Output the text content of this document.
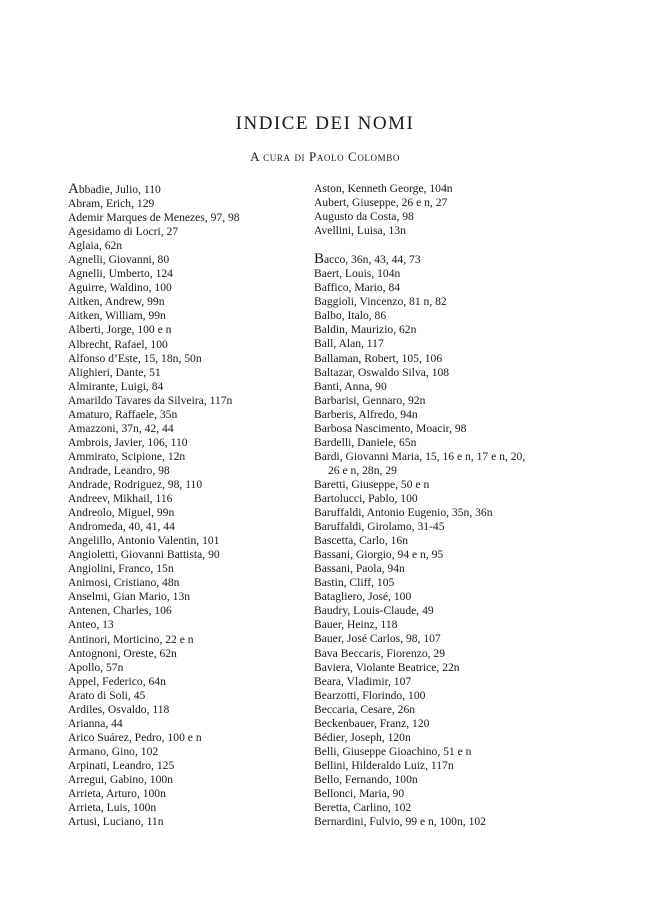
INDICE DEI NOMI
A cura di Paolo Colombo
Abbadie, Julio, 110
Abram, Erich, 129
Ademir Marques de Menezes, 97, 98
Agesidamo di Locri, 27
Aglaia, 62n
Agnelli, Giovanni, 80
Agnelli, Umberto, 124
Aguirre, Waldino, 100
Aitken, Andrew, 99n
Aitken, William, 99n
Alberti, Jorge, 100 e n
Albrecht, Rafael, 100
Alfonso d’Este, 15, 18n, 50n
Alighieri, Dante, 51
Almirante, Luigi, 84
Amarildo Tavares da Silveira, 117n
Amaturo, Raffaele, 35n
Amazzoni, 37n, 42, 44
Ambrois, Javier, 106, 110
Ammirato, Scipione, 12n
Andrade, Leandro, 98
Andrade, Rodriguez, 98, 110
Andreev, Mikhail, 116
Andreolo, Miguel, 99n
Andromeda, 40, 41, 44
Angelillo, Antonio Valentin, 101
Angioletti, Giovanni Battista, 90
Angiolini, Franco, 15n
Animosi, Cristiano, 48n
Anselmi, Gian Mario, 13n
Antenen, Charles, 106
Anteo, 13
Antinori, Morticino, 22 e n
Antognoni, Oreste, 62n
Apollo, 57n
Appel, Federico, 64n
Arato di Soli, 45
Ardiles, Osvaldo, 118
Arianna, 44
Arico Suárez, Pedro, 100 e n
Armano, Gino, 102
Arpinati, Leandro, 125
Arregui, Gabino, 100n
Arrieta, Arturo, 100n
Arrieta, Luis, 100n
Artusi, Luciano, 11n
Aston, Kenneth George, 104n
Aubert, Giuseppe, 26 e n, 27
Augusto da Costa, 98
Avellini, Luisa, 13n
Bacco, 36n, 43, 44, 73
Baert, Louis, 104n
Baffico, Mario, 84
Baggioli, Vincenzo, 81 n, 82
Balbo, Italo, 86
Baldin, Maurizio, 62n
Ball, Alan, 117
Ballaman, Robert, 105, 106
Baltazar, Oswaldo Silva, 108
Banti, Anna, 90
Barbarisi, Gennaro, 92n
Barberis, Alfredo, 94n
Barbosa Nascimento, Moacir, 98
Bardelli, Daniele, 65n
Bardi, Giovanni Maria, 15, 16 e n, 17 e n, 20,
26 e n, 28n, 29
Baretti, Giuseppe, 50 e n
Bartolucci, Pablo, 100
Baruffaldi, Antonio Eugenio, 35n, 36n
Baruffaldi, Girolamo, 31-45
Bascetta, Carlo, 16n
Bassani, Giorgio, 94 e n, 95
Bassani, Paola, 94n
Bastin, Cliff, 105
Batagliero, José, 100
Baudry, Louis-Claude, 49
Bauer, Heinz, 118
Bauer, José Carlos, 98, 107
Bava Beccaris, Fiorenzo, 29
Baviera, Violante Beatrice, 22n
Beara, Vladimir, 107
Bearzotti, Florindo, 100
Beccaria, Cesare, 26n
Beckenbauer, Franz, 120
Bédier, Joseph, 120n
Belli, Giuseppe Gioachino, 51 e n
Bellini, Hilderaldo Luiz, 117n
Bello, Fernando, 100n
Bellonci, Maria, 90
Beretta, Carlino, 102
Bernardini, Fulvio, 99 e n, 100n, 102
